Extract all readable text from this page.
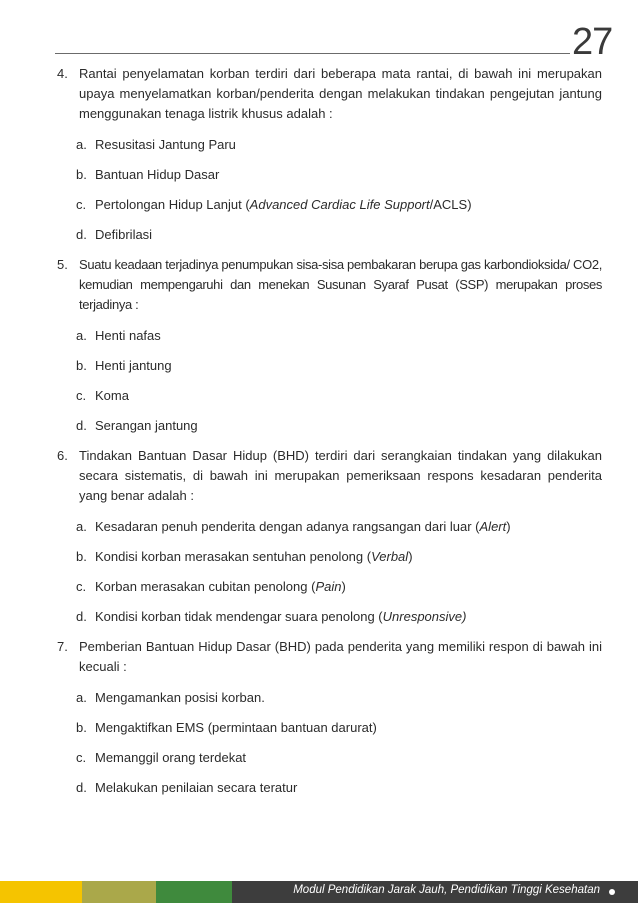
27
4. Rantai penyelamatan korban terdiri dari beberapa mata rantai, di bawah ini merupakan upaya menyelamatkan korban/penderita dengan melakukan tindakan pengejutan jantung menggunakan tenaga listrik khusus adalah :
a. Resusitasi Jantung Paru
b. Bantuan Hidup Dasar
c. Pertolongan Hidup Lanjut (Advanced Cardiac Life Support/ACLS)
d. Defibrilasi
5. Suatu keadaan terjadinya penumpukan sisa-sisa pembakaran berupa gas karbondioksida/ CO2, kemudian mempengaruhi dan menekan Susunan Syaraf Pusat (SSP) merupakan proses terjadinya :
a. Henti nafas
b. Henti jantung
c. Koma
d. Serangan jantung
6. Tindakan Bantuan Dasar Hidup (BHD) terdiri dari serangkaian tindakan yang dilakukan secara sistematis, di bawah ini merupakan pemeriksaan respons kesadaran penderita yang benar adalah :
a. Kesadaran penuh penderita dengan adanya rangsangan dari luar (Alert)
b. Kondisi korban merasakan sentuhan penolong (Verbal)
c. Korban merasakan cubitan penolong (Pain)
d. Kondisi korban tidak mendengar suara penolong (Unresponsive)
7. Pemberian Bantuan Hidup Dasar (BHD) pada penderita yang memiliki respon di bawah ini kecuali :
a. Mengamankan posisi korban.
b. Mengaktifkan EMS (permintaan bantuan darurat)
c. Memanggil orang terdekat
d. Melakukan penilaian secara teratur
Modul Pendidikan Jarak Jauh, Pendidikan Tinggi Kesehatan
